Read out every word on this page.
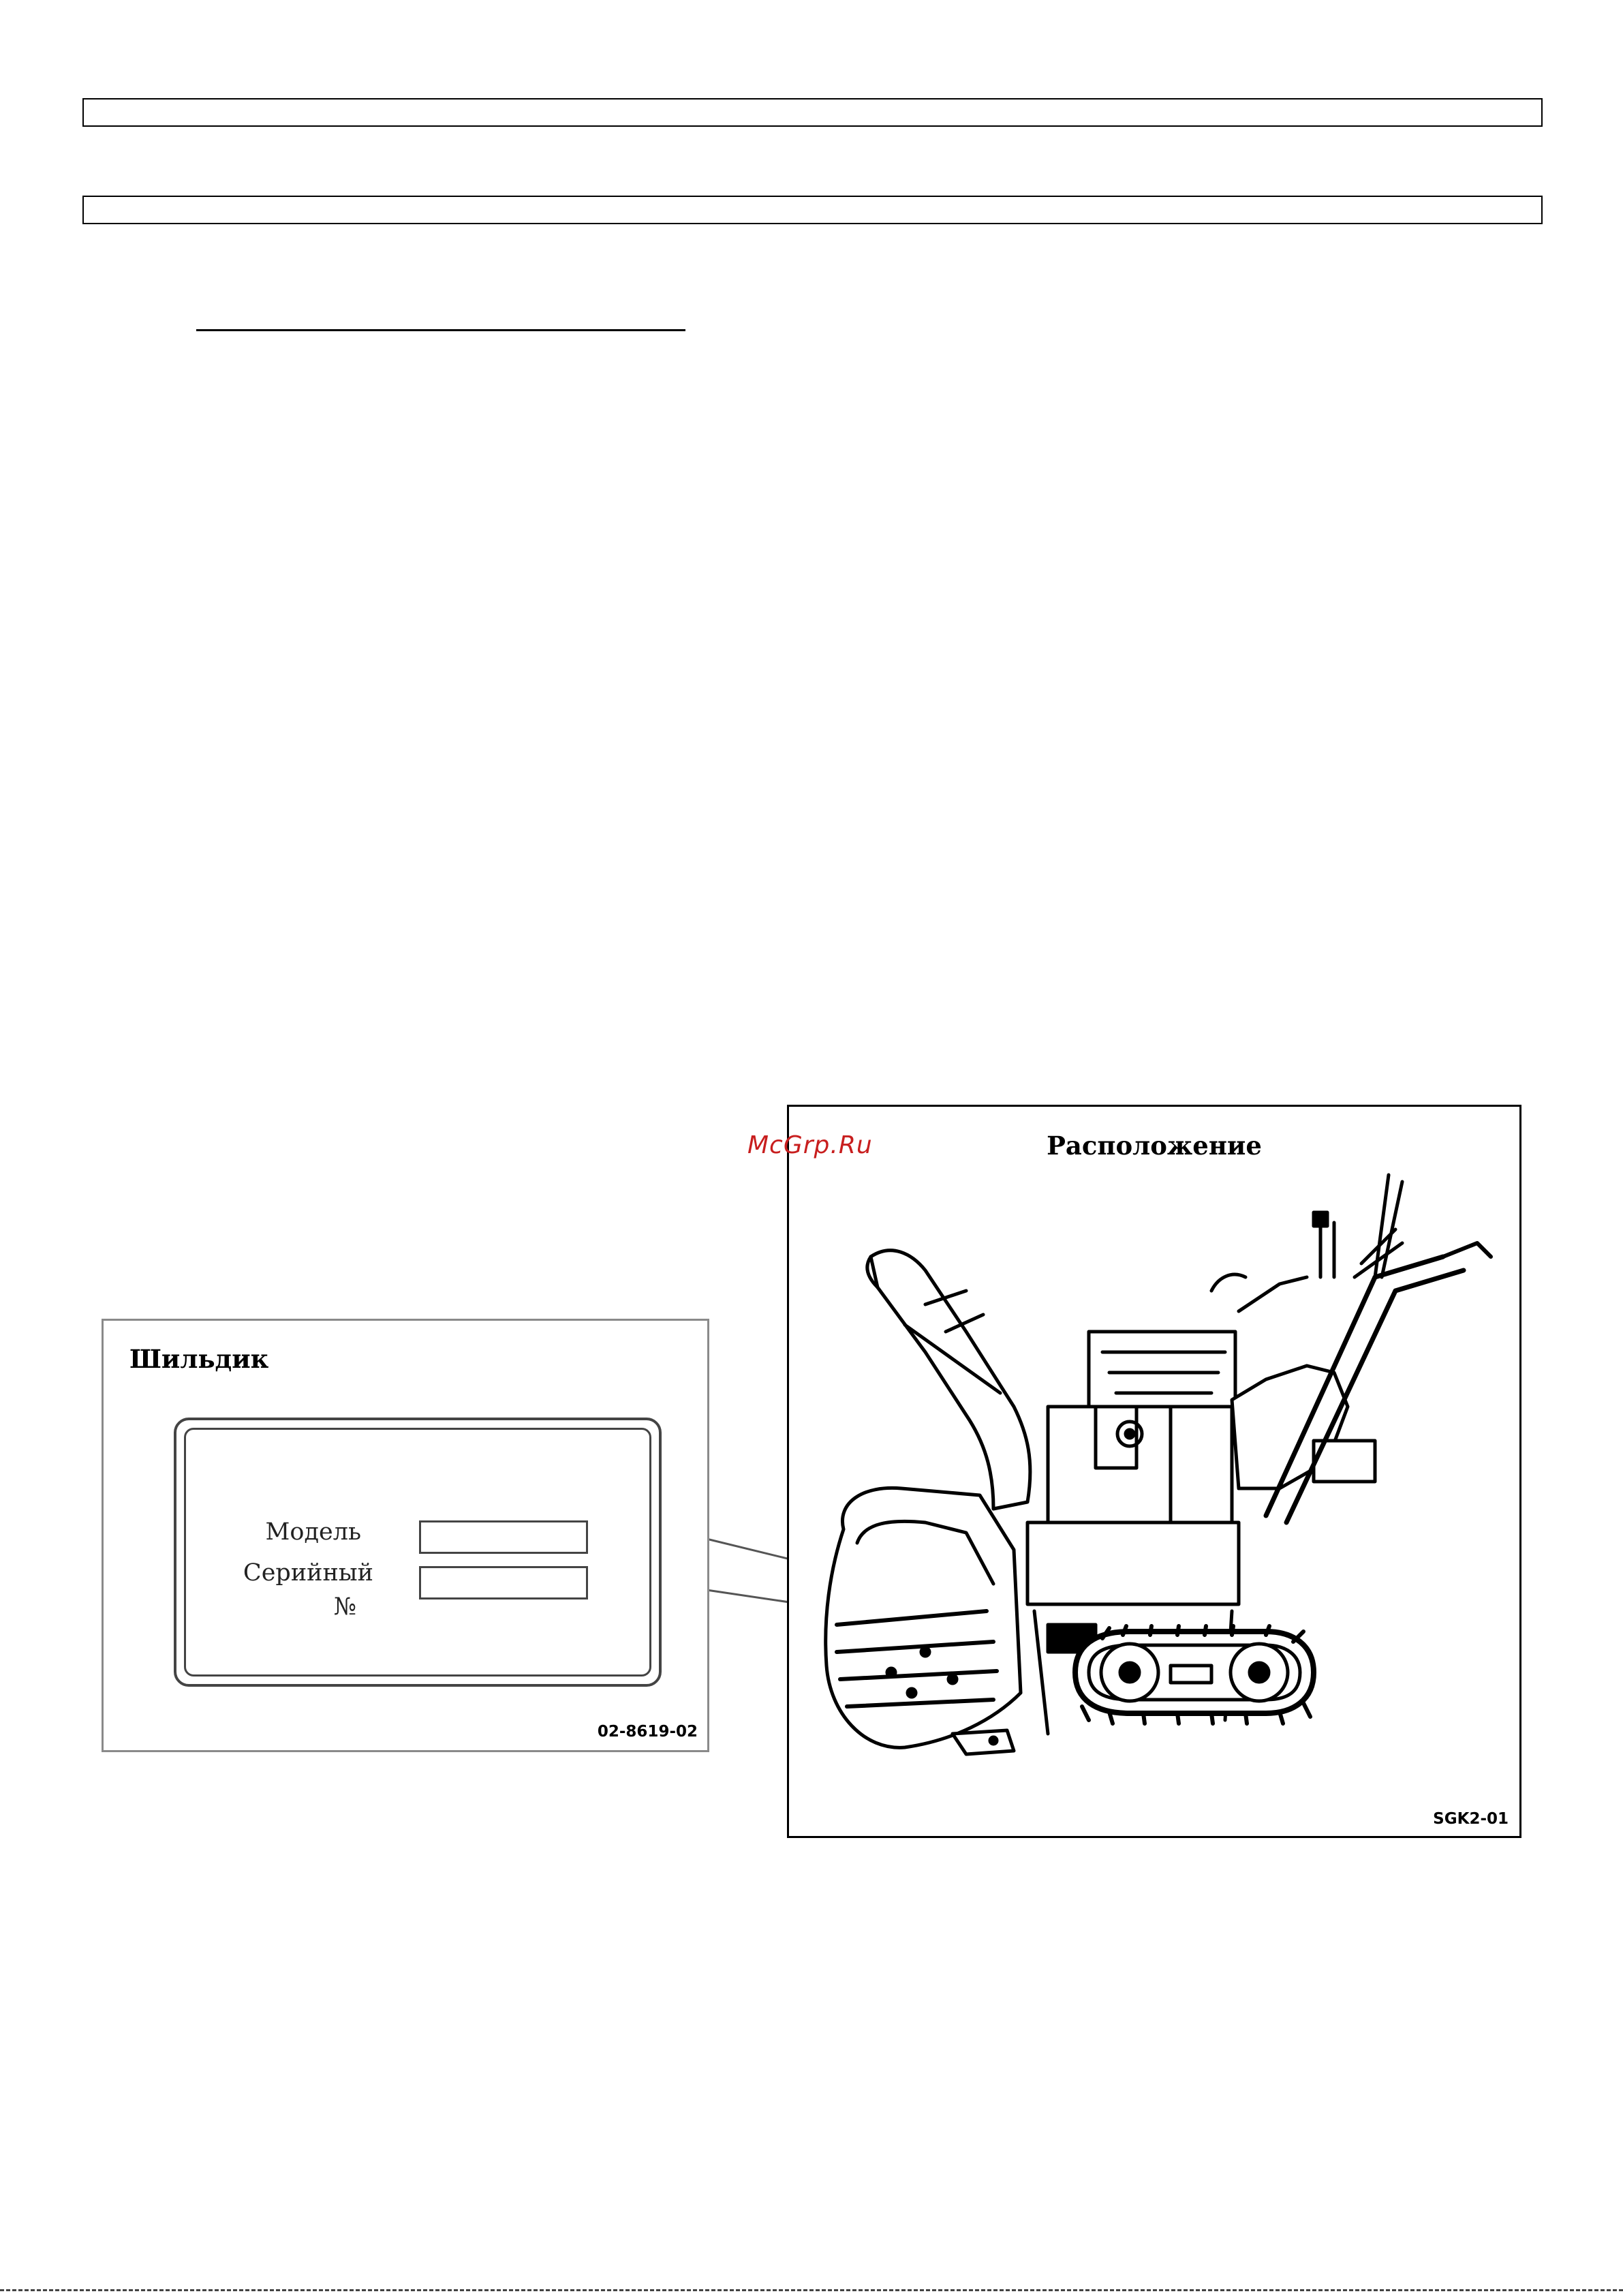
Расположение
SGK2-01
McGrp.Ru
Шильдик
Модель
Серийный
№
02-8619-02
